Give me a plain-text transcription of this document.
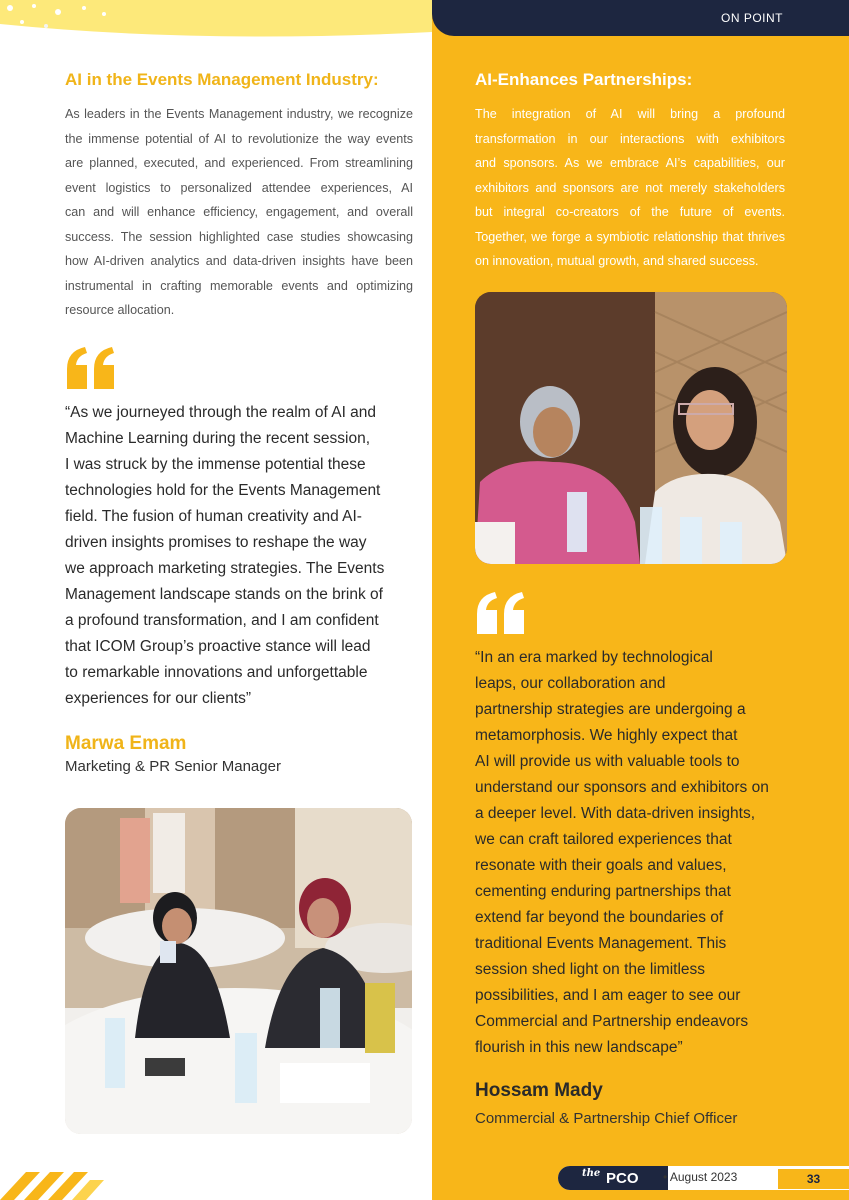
ON POINT
AI in the Events Management Industry:
As leaders in the Events Management industry, we recognize
the immense potential of AI to revolutionize the way events
are planned, executed, and experienced. From streamlining
event logistics to personalized attendee experiences, AI
can and will enhance efficiency, engagement, and overall
success. The session highlighted case studies showcasing
how AI-driven analytics and data-driven insights have been
instrumental in crafting memorable events and optimizing
resource allocation.
“As we journeyed through the realm of AI and
Machine Learning during the recent session,
I was struck by the immense potential these
technologies hold for the Events Management
field. The fusion of human creativity and AI-
driven insights promises to reshape the way
we approach marketing strategies. The Events
Management landscape stands on the brink of
a profound transformation, and I am confident
that ICOM Group’s proactive stance will lead
to remarkable innovations and unforgettable
experiences for our clients”

Marwa Emam

Marketing & PR Senior Manager

AI-Enhances Partnerships:
The integration of AI will bring a profound
transformation in our interactions with exhibitors
and sponsors. As we embrace AI’s capabilities, our
exhibitors and sponsors are not merely stakeholders
but integral co-creators of the future of events.
Together, we forge a symbiotic relationship that thrives
on innovation, mutual growth, and shared success.
“In an era marked by technological
leaps, our collaboration and
partnership strategies are undergoing a
metamorphosis. We highly expect that
AI will provide us with valuable tools to
understand our sponsors and exhibitors on
a deeper level. With data-driven insights,
we can craft tailored experiences that
resonate with their goals and values,
cementing enduring partnerships that
extend far beyond the boundaries of
traditional Events Management. This
session shed light on the limitless
possibilities, and I am eager to see our
Commercial and Partnership endeavors
flourish in this new landscape”

Hossam Mady

Commercial & Partnership Chief Officer

the PCO • August 2023	33
